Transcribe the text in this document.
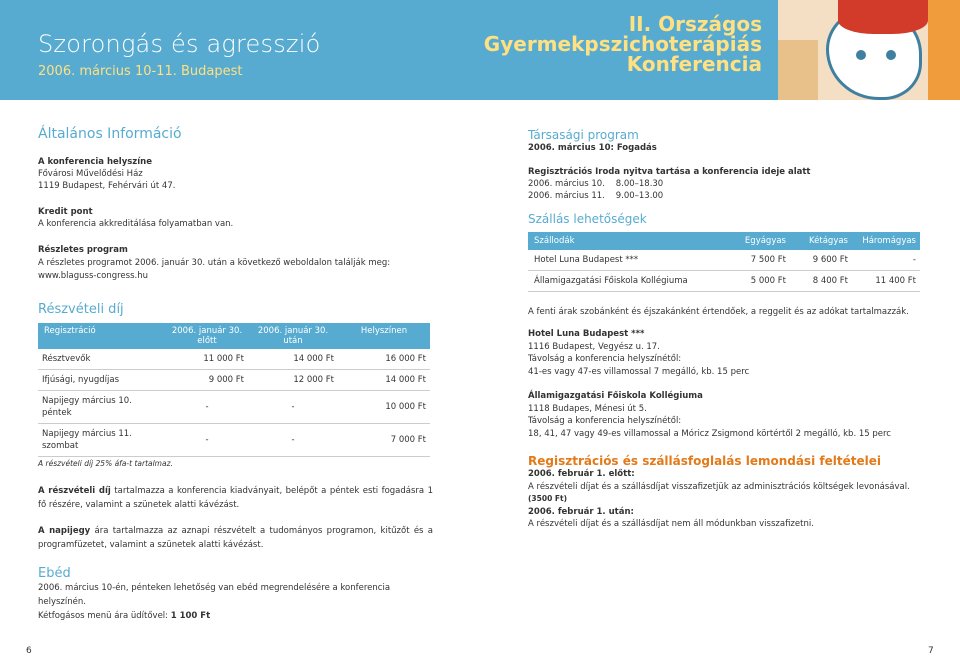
Szorongás és agresszió
2006. március 10-11. Budapest
II. Országos
Gyermekpszichoterápiás
Konferencia
Általános Információ
A konferencia helyszíne
Fővárosi Művelődési Ház
1119 Budapest, Fehérvári út 47.
Kredit pont
A konferencia akkreditálása folyamatban van.
Részletes program
A részletes programot 2006. január 30. után a következő weboldalon találják meg:
www.blaguss-congress.hu
Részvételi díj
Regisztráció	2006. január 30. előtt	2006. január 30. után	Helyszínen
Résztvevők	11 000 Ft	14 000 Ft	16 000 Ft
Ifjúsági, nyugdíjas	9 000 Ft	12 000 Ft	14 000 Ft
Napijegy március 10. péntek	-	-	10 000 Ft
Napijegy március 11. szombat	-	-	7 000 Ft
A részvételi díj 25% áfa-t tartalmaz.
A részvételi díj tartalmazza a konferencia kiadványait, belépőt a péntek esti fogadásra 1 fő részére, valamint a szünetek alatti kávézást.
A napijegy ára tartalmazza az aznapi részvételt a tudományos programon, kitűzőt és a programfüzetet, valamint a szünetek alatti kávézást.
Ebéd
2006. március 10-én, pénteken lehetőség van ebéd megrendelésére a konferencia helyszínén.
Kétfogásos menü ára üdítővel: 1 100 Ft
Társasági program
2006. március 10: Fogadás
Regisztrációs Iroda nyitva tartása a konferencia ideje alatt
2006. március 10.    8.00–18.30
2006. március 11.    9.00–13.00
Szállás lehetőségek
Szállodák	Egyágyas	Kétágyas	Háromágyas
Hotel Luna Budapest ***	7 500 Ft	9 600 Ft	-
Államigazgatási Főiskola Kollégiuma	5 000 Ft	8 400 Ft	11 400 Ft
A fenti árak szobánként és éjszakánként értendőek, a reggelit és az adókat tartalmazzák.
Hotel Luna Budapest ***
1116 Budapest, Vegyész u. 17.
Távolság a konferencia helyszínétől:
41-es vagy 47-es villamossal 7 megálló, kb. 15 perc
Államigazgatási Főiskola Kollégiuma
1118 Budapes, Ménesi út 5.
Távolság a konferencia helyszínétől:
18, 41, 47 vagy 49-es villamossal a Móricz Zsigmond körtértől 2 megálló, kb. 15 perc
Regisztrációs és szállásfoglalás lemondási feltételei
2006. február 1. előtt:
A részvételi díjat és a szállásdíjat visszafizetjük az adminisztrációs költségek levonásával. (3500 Ft)
2006. február 1. után:
A részvételi díjat és a szállásdíjat nem áll módunkban visszafizetni.
6	7
